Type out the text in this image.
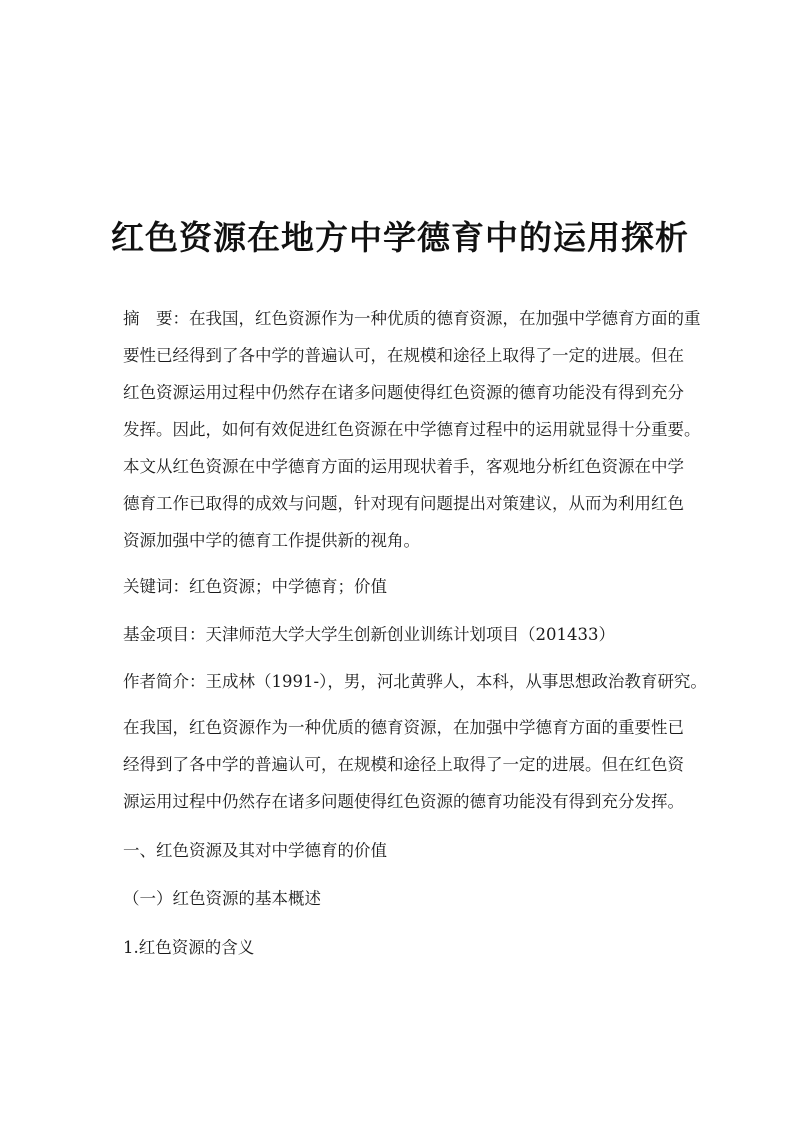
红色资源在地方中学德育中的运用探析
摘　要：在我国，红色资源作为一种优质的德育资源，在加强中学德育方面的重
要性已经得到了各中学的普遍认可，在规模和途径上取得了一定的进展。但在
红色资源运用过程中仍然存在诸多问题使得红色资源的德育功能没有得到充分
发挥。因此，如何有效促进红色资源在中学德育过程中的运用就显得十分重要。
本文从红色资源在中学德育方面的运用现状着手，客观地分析红色资源在中学
德育工作已取得的成效与问题，针对现有问题提出对策建议，从而为利用红色
资源加强中学的德育工作提供新的视角。
关键词：红色资源；中学德育；价值
基金项目：天津师范大学大学生创新创业训练计划项目（201433）
作者简介：王成林（1991-），男，河北黄骅人，本科，从事思想政治教育研究。
在我国，红色资源作为一种优质的德育资源，在加强中学德育方面的重要性已
经得到了各中学的普遍认可，在规模和途径上取得了一定的进展。但在红色资
源运用过程中仍然存在诸多问题使得红色资源的德育功能没有得到充分发挥。
一、红色资源及其对中学德育的价值
（一）红色资源的基本概述
1.红色资源的含义
